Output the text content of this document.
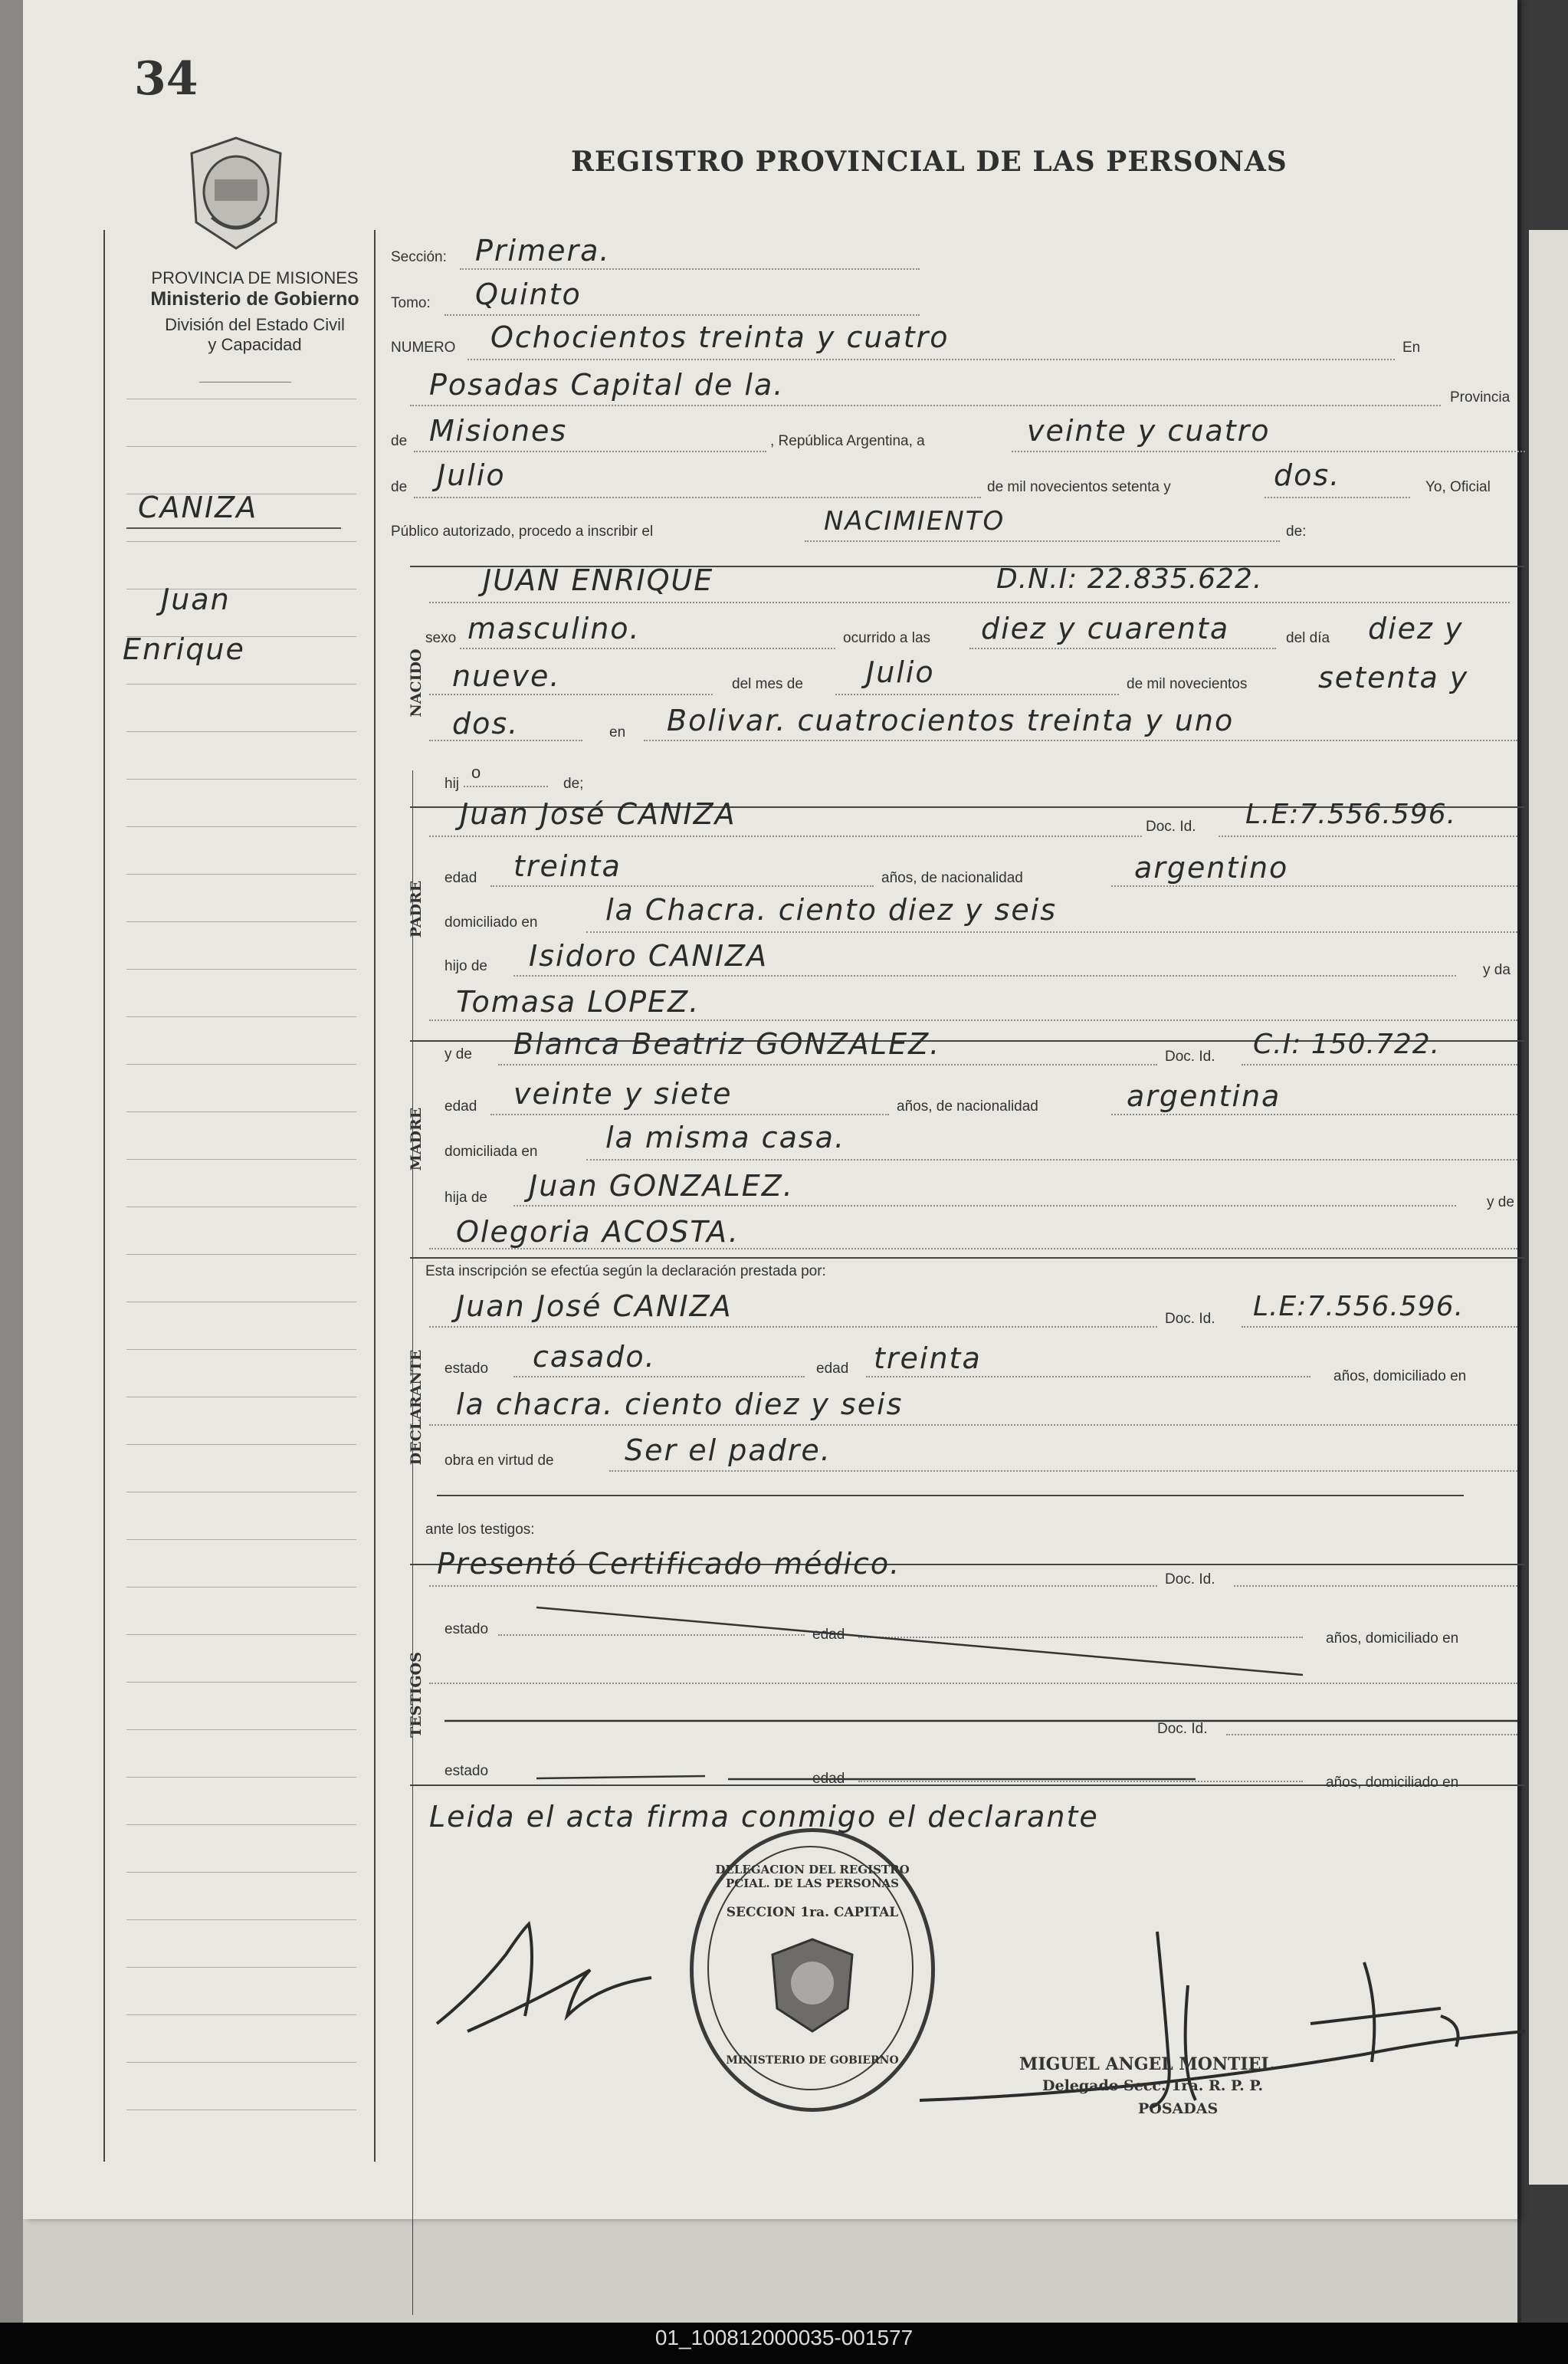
34
REGISTRO PROVINCIAL DE LAS PERSONAS
PROVINCIA DE MISIONES
Ministerio de Gobierno
División del Estado Civil
y Capacidad
NACIDO
PADRE
MADRE
DECLARANTE
TESTIGOS
CANIZA
Juan
Enrique
Sección: Primera.
Tomo: Quinto
NUMERO Ochocientos treinta y cuatro	En
Posadas Capital de la.	Provincia
de Misiones	, República Argentina, a	veinte y cuatro
de Julio	de mil novecientos setenta y	dos.	Yo, Oficial
Público autorizado, procedo a inscribir el	NACIMIENTO	de:
JUAN ENRIQUE	D.N.I: 22.835.622.
sexo masculino.	ocurrido a las diez y cuarenta	del día diez y
nueve.	del mes de Julio	de mil novecientos setenta y
dos.	en Bolivar. cuatrocientos treinta y uno
hij
o
de;
Juan José CANIZA	Doc. Id. L.E:7.556.596.
edad treinta	años, de nacionalidad	argentino
domiciliado en la Chacra. ciento diez y seis
hijo de Isidoro CANIZA	y da
Tomasa LOPEZ.
y de Blanca Beatriz GONZALEZ.	Doc. Id. C.I: 150.722.
edad veinte y siete	años, de nacionalidad	argentina
domiciliada en la misma casa.
hija de Juan GONZALEZ.	y de
Olegoria ACOSTA.
Esta inscripción se efectúa según la declaración prestada por:
Juan José CANIZA	Doc. Id. L.E:7.556.596.
estado casado.	edad treinta
años, domiciliado en
la chacra. ciento diez y seis
obra en virtud de Ser el padre.
ante los testigos:
Presentó Certificado médico.	Doc. Id.
estado	edad	años, domiciliado en
Doc. Id.
estado	edad	años, domiciliado en
Leida el acta firma conmigo el declarante
DELEGACION DEL REGISTRO PCIAL. DE LAS PERSONAS
SECCION 1ra. CAPITAL
MINISTERIO DE GOBIERNO	MIGUEL ANGEL MONTIEL
Delegado Secc. 1ra. R. P. P.
POSADAS
01_100812000035-001577
